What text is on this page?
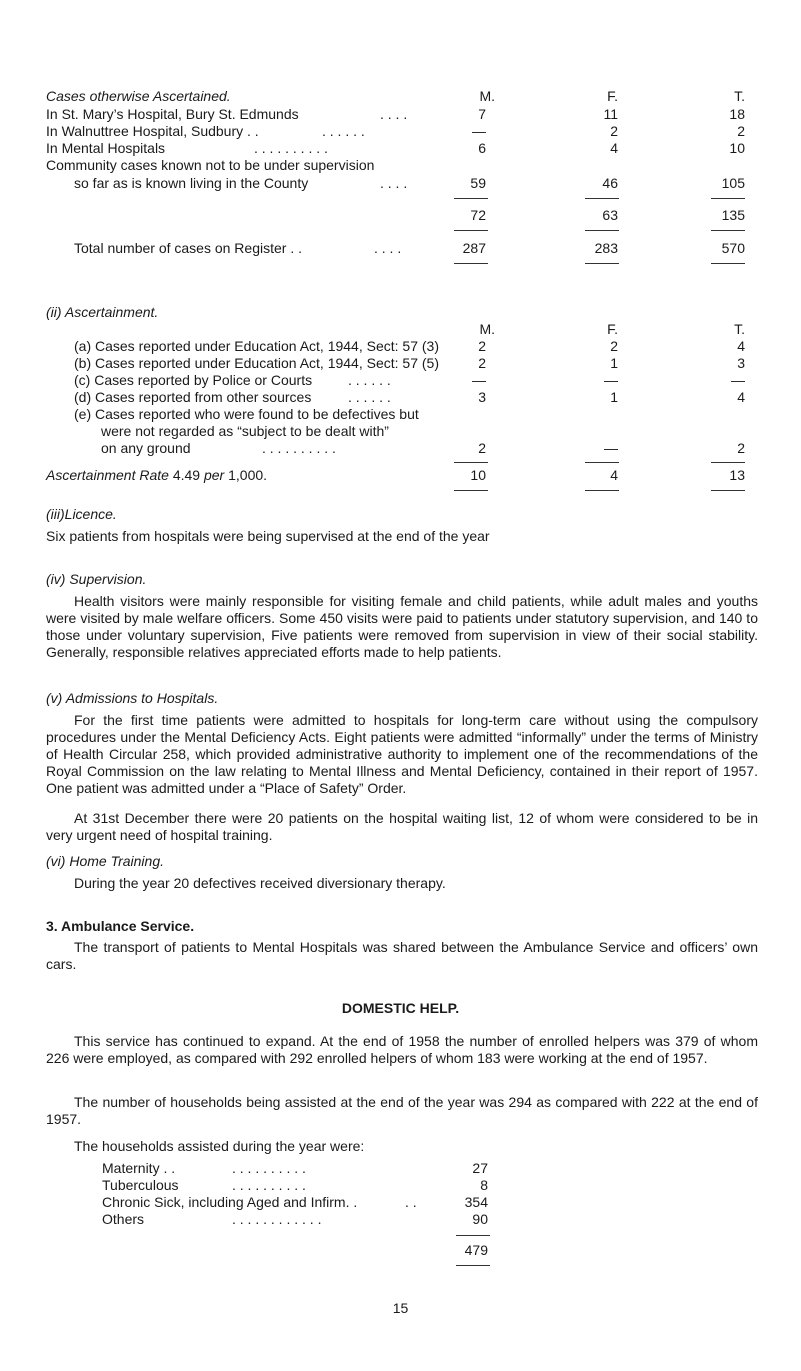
Cases otherwise Ascertained.	M.	F.	T.
In St. Mary’s Hospital, Bury St. Edmunds	. . . .	7	11	18
In Walnuttree Hospital, Sudbury . .	. . . . . .	—	2	2
In Mental Hospitals	. . . . . . . . . .	6	4	10
Community cases known not to be under supervision
so far as is known living in the County	. . . .	59	46	105
72	63	135
Total number of cases on Register . .	. . . .	287	283	570
(ii) Ascertainment.
M.	F.	T.
(a) Cases reported under Education Act, 1944, Sect: 57 (3)	2	2	4
(b) Cases reported under Education Act, 1944, Sect: 57 (5)	2	1	3
(c) Cases reported by Police or Courts	. . . . . .	—	—	—
(d) Cases reported from other sources	. . . . . .	3	1	4
(e) Cases reported who were found to be defectives but
were not regarded as “subject to be dealt with”
on any ground	. . . . . . . . . .	2	—	2
Ascertainment Rate 4.49 per 1,000.	10	4	13
(iii)Licence.
Six patients from hospitals were being supervised at the end of the year
(iv) Supervision.
Health visitors were mainly responsible for visiting female and child patients, while adult males and youths were visited by male welfare officers. Some 450 visits were paid to patients under statutory supervision, and 140 to those under voluntary supervision, Five patients were removed from supervision in view of their social stability. Generally, responsible relatives appreciated efforts made to help patients.
(v) Admissions to Hospitals.
For the first time patients were admitted to hospitals for long-term care without using the compulsory procedures under the Mental Deficiency Acts. Eight patients were admitted “informally” under the terms of Ministry of Health Circular 258, which provided administrative authority to implement one of the recommendations of the Royal Commission on the law relating to Mental Illness and Mental Deficiency, contained in their report of 1957. One patient was admitted under a “Place of Safety” Order.
At 31st December there were 20 patients on the hospital waiting list, 12 of whom were considered to be in very urgent need of hospital training.
(vi) Home Training.
During the year 20 defectives received diversionary therapy.
3. Ambulance Service.
The transport of patients to Mental Hospitals was shared between the Ambulance Service and officers’ own cars.
DOMESTIC HELP.
This service has continued to expand. At the end of 1958 the number of enrolled helpers was 379 of whom 226 were employed, as compared with 292 enrolled helpers of whom 183 were working at the end of 1957.
The number of households being assisted at the end of the year was 294 as compared with 222 at the end of 1957.
The households assisted during the year were:
Maternity . .	. . . . . . . . . .	27
Tuberculous	. . . . . . . . . .	8
Chronic Sick, including Aged and Infirm. .	. .	354
Others	. . . . . . . . . . . .	90
479
15
